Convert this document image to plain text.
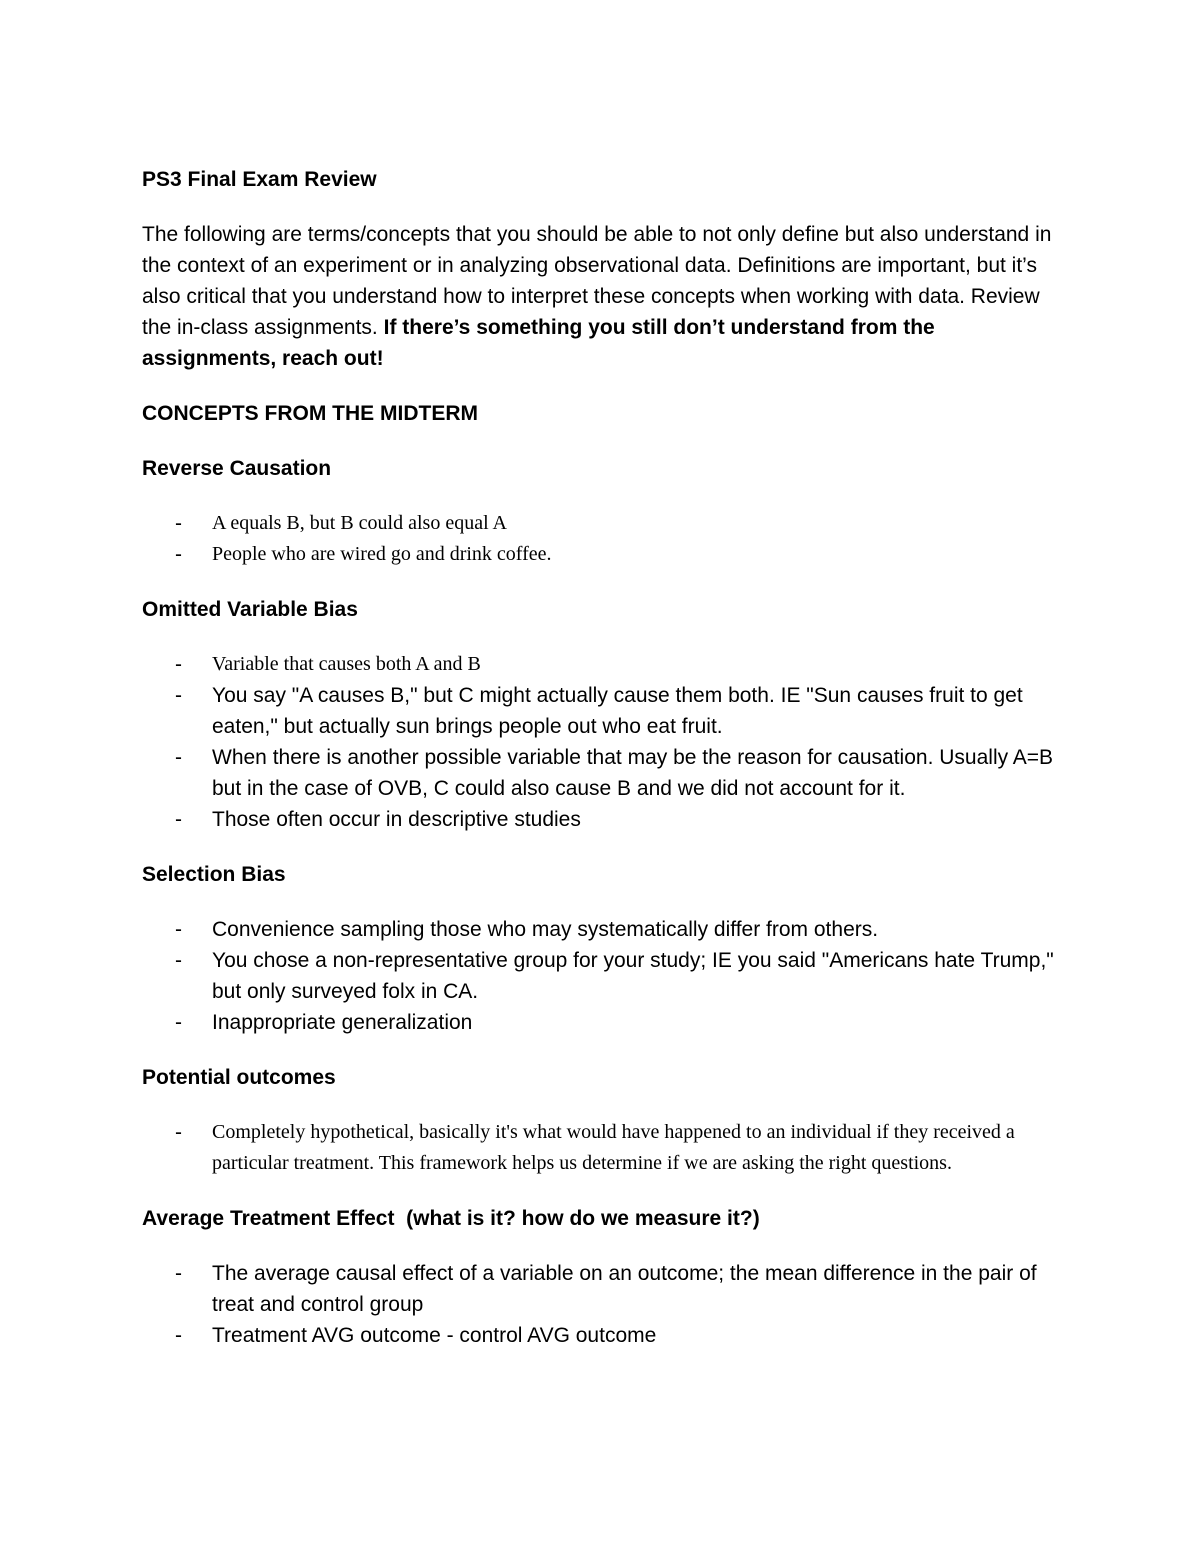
PS3 Final Exam Review

The following are terms/concepts that you should be able to not only define but also understand in the context of an experiment or in analyzing observational data. Definitions are important, but it’s also critical that you understand how to interpret these concepts when working with data. Review the in-class assignments. If there’s something you still don’t understand from the assignments, reach out!

CONCEPTS FROM THE MIDTERM
Reverse Causation
- A equals B, but B could also equal A
- People who are wired go and drink coffee.
Omitted Variable Bias
- Variable that causes both A and B
- You say "A causes B," but C might actually cause them both. IE "Sun causes fruit to get eaten," but actually sun brings people out who eat fruit.
- When there is another possible variable that may be the reason for causation. Usually A=B but in the case of OVB, C could also cause B and we did not account for it.
- Those often occur in descriptive studies
Selection Bias
- Convenience sampling those who may systematically differ from others.
- You chose a non-representative group for your study; IE you said "Americans hate Trump," but only surveyed folx in CA.
- Inappropriate generalization
Potential outcomes
- Completely hypothetical, basically it's what would have happened to an individual if they received a particular treatment. This framework helps us determine if we are asking the right questions.
Average Treatment Effect  (what is it? how do we measure it?)
- The average causal effect of a variable on an outcome; the mean difference in the pair of treat and control group
- Treatment AVG outcome - control AVG outcome
